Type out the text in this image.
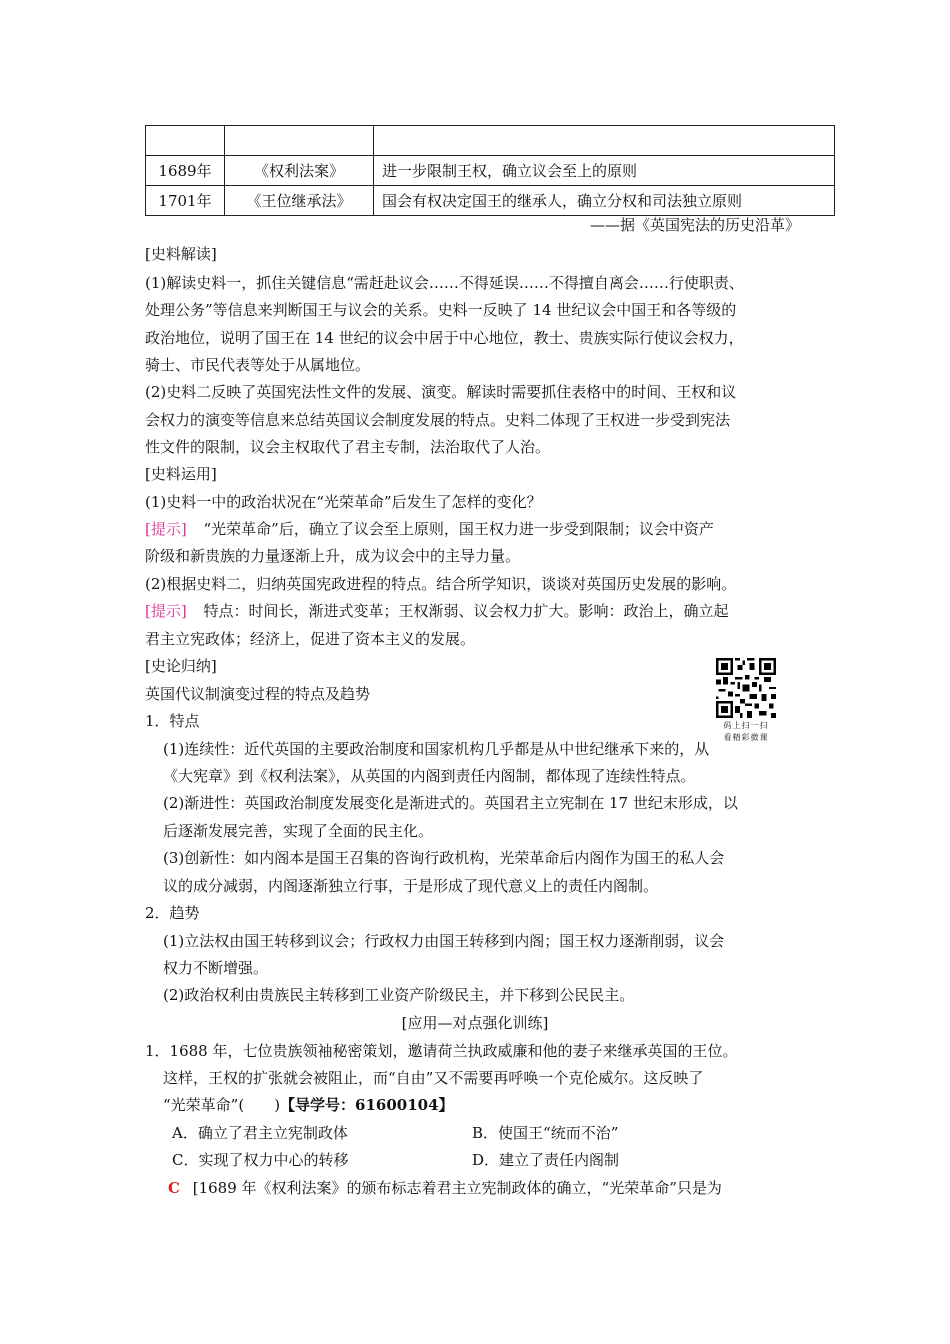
1689年	《权利法案》	进一步限制王权，确立议会至上的原则
1701年	《王位继承法》	国会有权决定国王的继承人，确立分权和司法独立原则
——据《英国宪法的历史沿革》
[史料解读]
(1)解读史料一，抓住关键信息“需赶赴议会……不得延误……不得擅自离会……行使职责、
处理公务”等信息来判断国王与议会的关系。史料一反映了 14 世纪议会中国王和各等级的
政治地位，说明了国王在 14 世纪的议会中居于中心地位，教士、贵族实际行使议会权力，
骑士、市民代表等处于从属地位。
(2)史料二反映了英国宪法性文件的发展、演变。解读时需要抓住表格中的时间、王权和议
会权力的演变等信息来总结英国议会制度发展的特点。史料二体现了王权进一步受到宪法
性文件的限制，议会主权取代了君主专制，法治取代了人治。
[史料运用]
(1)史料一中的政治状况在“光荣革命”后发生了怎样的变化？
[提示] “光荣革命”后，确立了议会至上原则，国王权力进一步受到限制；议会中资产
阶级和新贵族的力量逐渐上升，成为议会中的主导力量。
(2)根据史料二，归纳英国宪政进程的特点。结合所学知识，谈谈对英国历史发展的影响。
[提示] 特点：时间长，渐进式变革；王权渐弱、议会权力扩大。影响：政治上，确立起
君主立宪政体；经济上，促进了资本主义的发展。
[史论归纳]
英国代议制演变过程的特点及趋势
码上扫一扫
看精彩微课
1．特点
(1)连续性：近代英国的主要政治制度和国家机构几乎都是从中世纪继承下来的，从
《大宪章》到《权利法案》，从英国的内阁到责任内阁制，都体现了连续性特点。
(2)渐进性：英国政治制度发展变化是渐进式的。英国君主立宪制在 17 世纪末形成，以
后逐渐发展完善，实现了全面的民主化。
(3)创新性：如内阁本是国王召集的咨询行政机构，光荣革命后内阁作为国王的私人会
议的成分减弱，内阁逐渐独立行事，于是形成了现代意义上的责任内阁制。
2．趋势
(1)立法权由国王转移到议会；行政权力由国王转移到内阁；国王权力逐渐削弱，议会
权力不断增强。
(2)政治权利由贵族民主转移到工业资产阶级民主，并下移到公民民主。
[应用—对点强化训练]
1．1688 年，七位贵族领袖秘密策划，邀请荷兰执政威廉和他的妻子来继承英国的王位。
这样，王权的扩张就会被阻止，而“自由”又不需要再呼唤一个克伦威尔。这反映了
“光荣革命”(　　)【导学号：61600104】
A．确立了君主立宪制政体	B．使国王“统而不治”
C．实现了权力中心的转移	D．建立了责任内阁制
C [1689 年《权利法案》的颁布标志着君主立宪制政体的确立，“光荣革命”只是为
